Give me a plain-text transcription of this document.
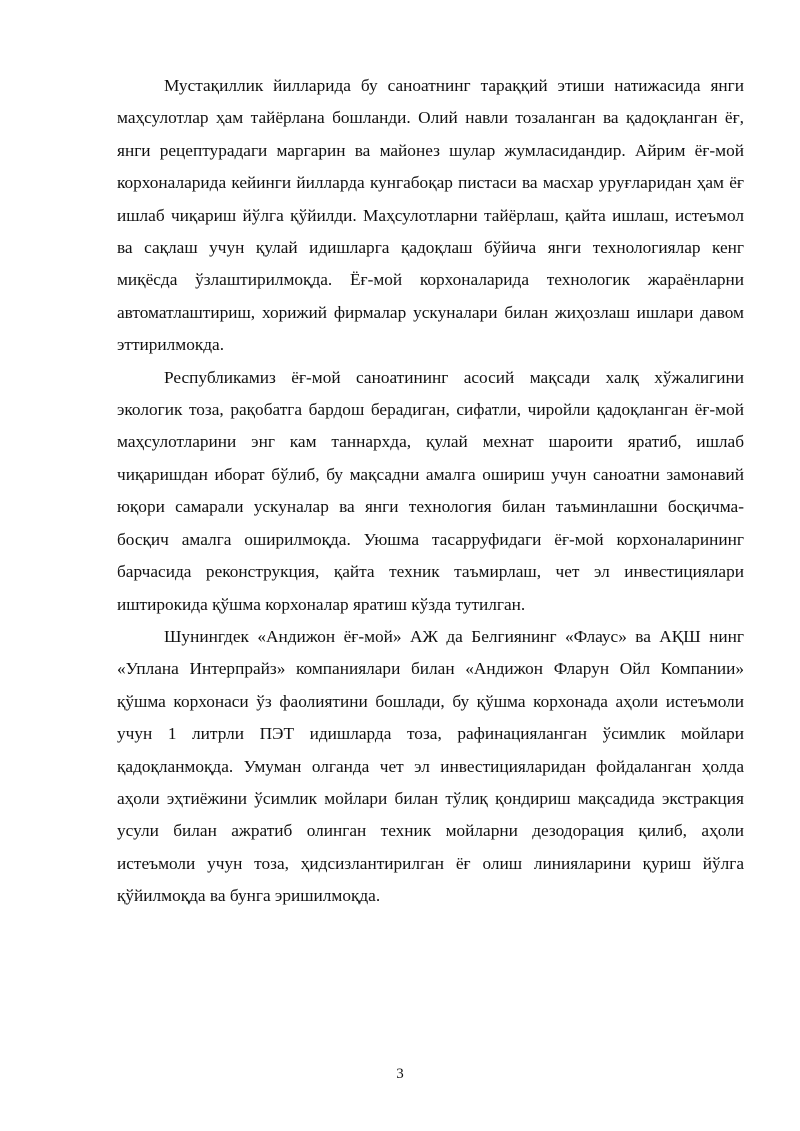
Мустақиллик йилларида бу саноатнинг тараққий этиши натижасида янги маҳсулотлар ҳам тайёрлана бошланди. Олий навли тозаланган ва қадоқланган ёғ, янги рецептурадаги маргарин ва майонез шулар жумласидандир. Айрим ёғ-мой корхоналарида кейинги йилларда кунгабоқар пистаси ва масхар уруғларидан ҳам ёғ ишлаб чиқариш йўлга қўйилди. Маҳсулотларни тайёрлаш, қайта ишлаш, истеъмол ва сақлаш учун қулай идишларга қадоқлаш бўйича янги технологиялар кенг миқёсда ўзлаштирилмоқда. Ёғ-мой корхоналарида технологик жараёнларни автоматлаштириш, хорижий фирмалар ускуналари билан жиҳозлаш ишлари давом эттирилмокда.

Республикамиз ёғ-мой саноатининг асосий мақсади халқ хўжалигини экологик тоза, рақобатга бардош берадиган, сифатли, чиройли қадоқланган ёғ-мой маҳсулотларини энг кам таннархда, қулай мехнат шароити яратиб, ишлаб чиқаришдан иборат бўлиб, бу мақсадни амалга ошириш учун саноатни замонавий юқори самарали ускуналар ва янги технология билан таъминлашни босқичма-босқич амалга оширилмоқда. Уюшма тасарруфидаги ёғ-мой корхоналарининг барчасида реконструкция, қайта техник таъмирлаш, чет эл инвестициялари иштирокида қўшма корхоналар яратиш кўзда тутилган.

Шунингдек «Андижон ёғ-мой» АЖ да Белгиянинг «Флаус» ва АҚШ нинг «Уплана Интерпрайз» компаниялари билан «Андижон Фларун Ойл Компании» қўшма корхонаси ўз фаолиятини бошлади, бу қўшма корхонада аҳоли истеъмоли учун 1 литрли ПЭТ идишларда тоза, рафинацияланган ўсимлик мойлари қадоқланмоқда. Умуман олганда чет эл инвестицияларидан фойдаланган ҳолда аҳоли эҳтиёжини ўсимлик мойлари билан тўлиқ қондириш мақсадида экстракция усули билан ажратиб олинган техник мойларни дезодорация қилиб, аҳоли истеъмоли учун тоза, ҳидсизлантирилган ёғ олиш линияларини қуриш йўлга қўйилмоқда ва бунга эришилмоқда.

3
